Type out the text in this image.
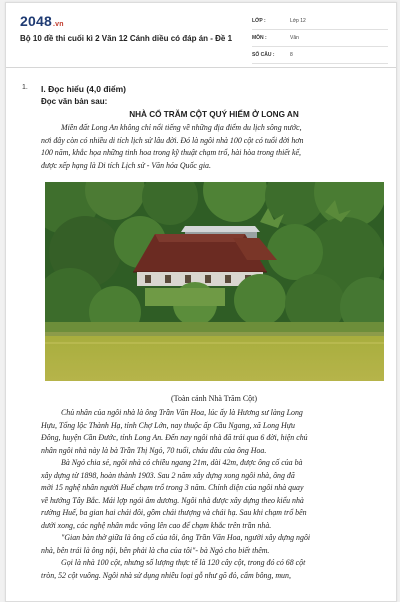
2048.vn
Bộ 10 đề thi cuối kì 2 Văn 12 Cánh diều có đáp án - Đề 1
LỚP :	Lớp 12
MÔN :	Văn
SỐ CÂU :	8
1. I. Đọc hiểu (4,0 điểm)
Đọc văn bản sau:

NHÀ CỔ TRĂM CỘT QUÝ HIẾM Ở LONG AN

Miền đất Long An không chỉ nổi tiếng về những địa điểm du lịch sông nước,

nơi đây còn có nhiều di tích lịch sử lâu đời. Đó là ngôi nhà 100 cột có tuổi đời hơn

100 năm, khắc họa những tinh hoa trong kỹ thuật chạm trổ, hài hòa trong thiết kế,

được xếp hạng là Di tích Lịch sử - Văn hóa Quốc gia.

(Toàn cảnh Nhà Trăm Cột)

Chủ nhân của ngôi nhà là ông Trần Văn Hoa, lúc ấy là Hương sư làng Long

Hựu, Tổng lộc Thành Hạ, tỉnh Chợ Lớn, nay thuộc ấp Cầu Ngang, xã Long Hựu

Đông, huyện Cần Đước, tỉnh Long An. Đến nay ngôi nhà đã trải qua 6 đời, hiện chủ

nhân ngôi nhà này là bà Trần Thị Ngỏ, 70 tuổi, cháu dâu của ông Hoa.

Bà Ngỏ chia sẻ, ngôi nhà có chiều ngang 21m, dài 42m, được ông cố của bà

xây dựng từ 1898, hoàn thành 1903. Sau 2 năm xây dựng xong ngôi nhà, ông đã

mời 15 nghệ nhân người Huế chạm trổ trong 3 năm. Chính diện của ngôi nhà quay

về hướng Tây Bắc. Mái lợp ngói âm dương. Ngôi nhà được xây dựng theo kiểu nhà

rường Huế, ba gian hai chái đôi, gồm chái thượng và chái hạ. Sau khi chạm trổ bên

dưới xong, các nghệ nhân mắc võng lên cao để chạm khắc trên trần nhà.

"Gian bàn thờ giữa là ông cố của tôi, ông Trần Văn Hoa, người xây dựng ngôi

nhà, bên trái là ông nội, bên phải là cha của tôi"- bà Ngỏ cho biết thêm.

Gọi là nhà 100 cột, nhưng số lượng thực tế là 120 cây cột, trong đó có 68 cột

tròn, 52 cột vuông. Ngôi nhà sử dụng nhiều loại gỗ như gõ đỏ, cẩm bông, mun,
